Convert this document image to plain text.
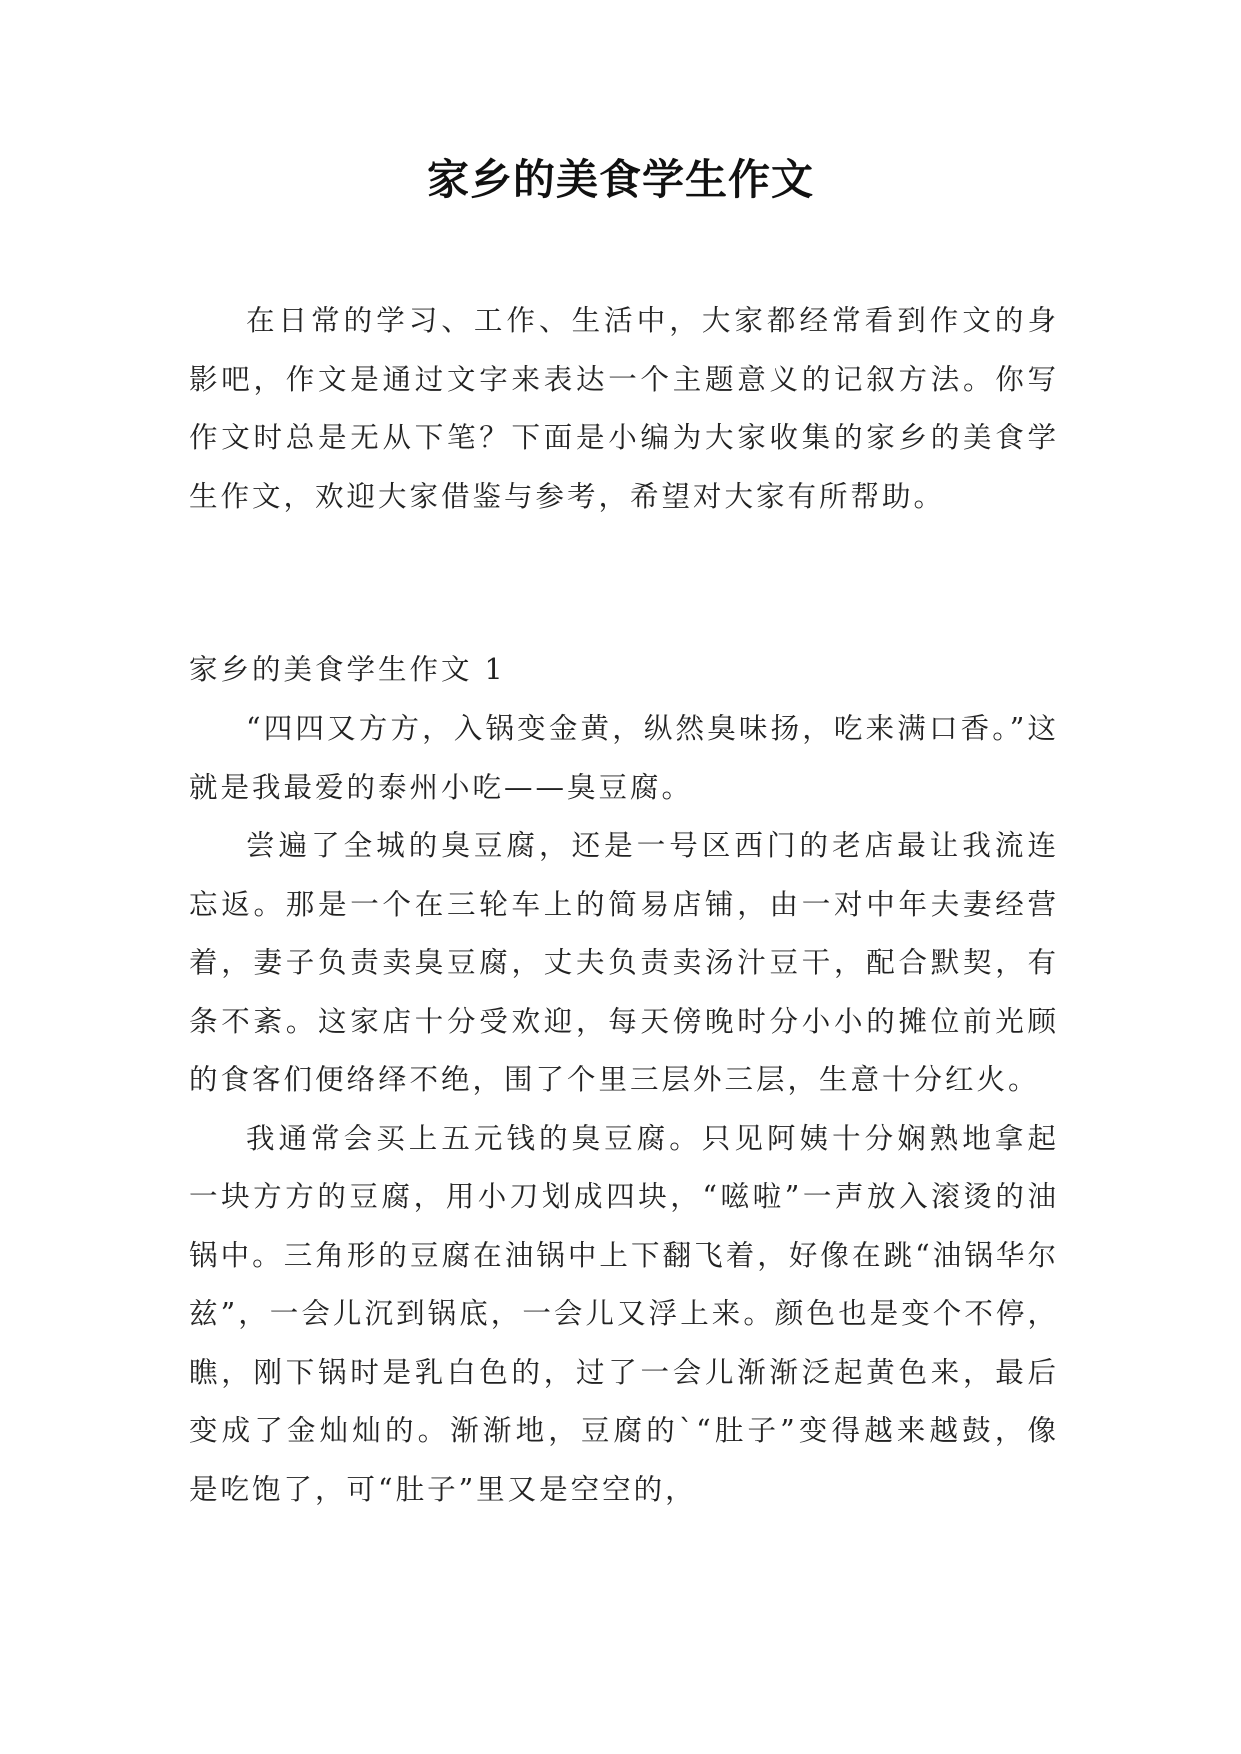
家乡的美食学生作文

在日常的学习、工作、生活中，大家都经常看到作文的身影吧，作文是通过文字来表达一个主题意义的记叙方法。你写作文时总是无从下笔？下面是小编为大家收集的家乡的美食学生作文，欢迎大家借鉴与参考，希望对大家有所帮助。

家乡的美食学生作文 1

“四四又方方，入锅变金黄，纵然臭味扬，吃来满口香。”这就是我最爱的泰州小吃——臭豆腐。

尝遍了全城的臭豆腐，还是一号区西门的老店最让我流连忘返。那是一个在三轮车上的简易店铺，由一对中年夫妻经营着，妻子负责卖臭豆腐，丈夫负责卖汤汁豆干，配合默契，有条不紊。这家店十分受欢迎，每天傍晚时分小小的摊位前光顾的食客们便络绎不绝，围了个里三层外三层，生意十分红火。

我通常会买上五元钱的臭豆腐。只见阿姨十分娴熟地拿起一块方方的豆腐，用小刀划成四块，“嗞啦”一声放入滚烫的油锅中。三角形的豆腐在油锅中上下翻飞着，好像在跳“油锅华尔兹”，一会儿沉到锅底，一会儿又浮上来。颜色也是变个不停，瞧，刚下锅时是乳白色的，过了一会儿渐渐泛起黄色来，最后变成了金灿灿的。渐渐地，豆腐的`“肚子”变得越来越鼓，像是吃饱了，可“肚子”里又是空空的，
